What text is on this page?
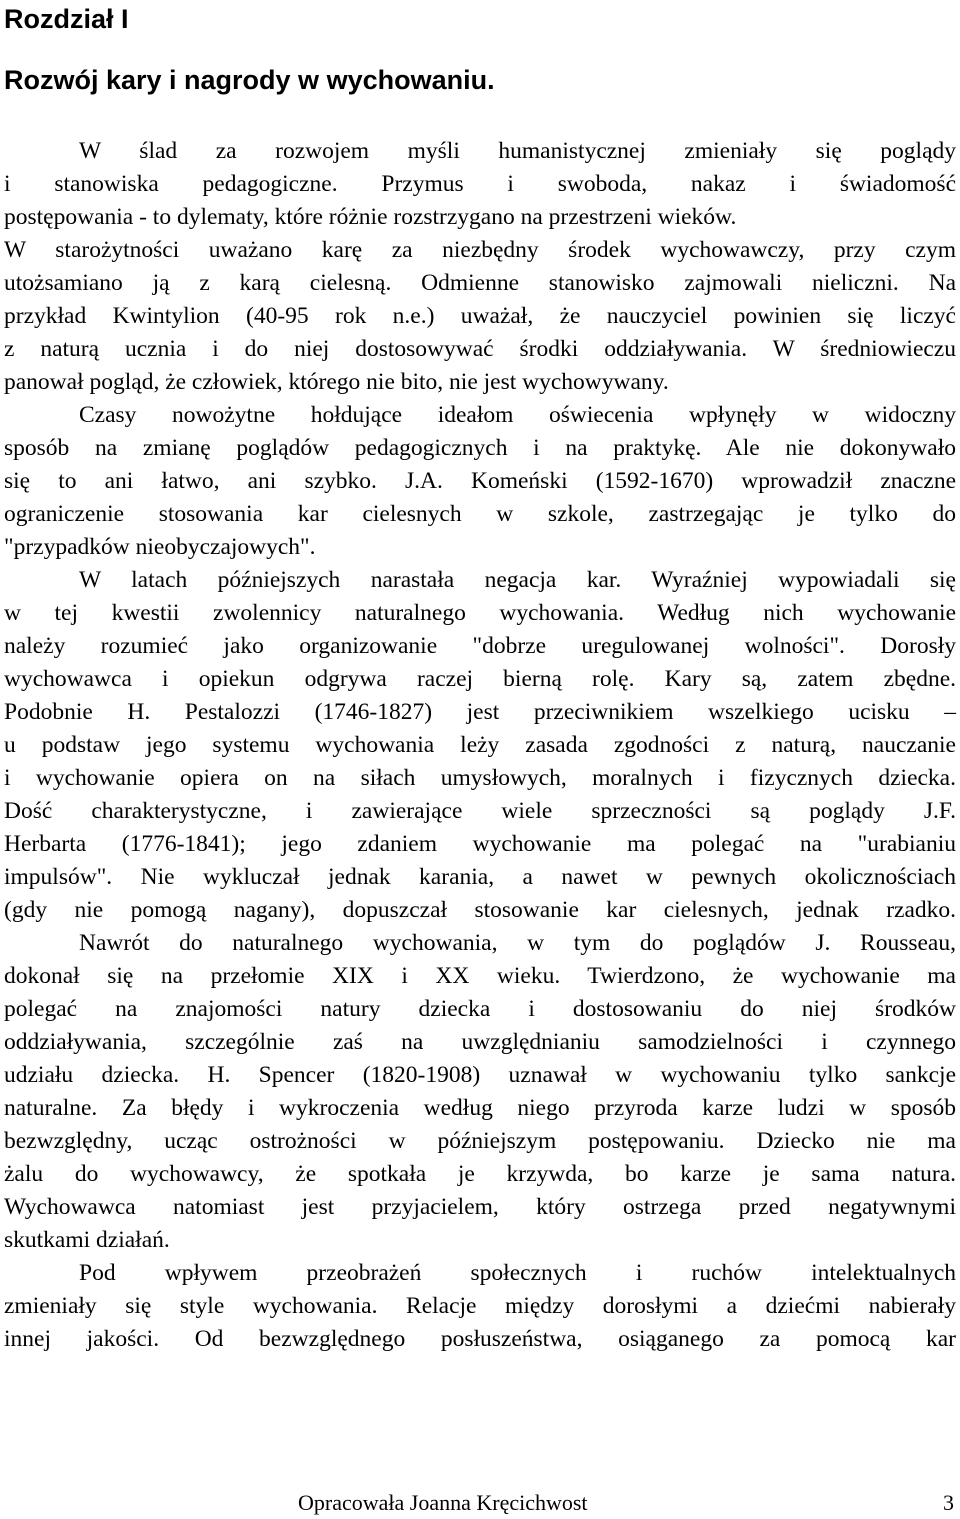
Rozdział I
Rozwój kary i nagrody w wychowaniu.
W ślad za rozwojem myśli humanistycznej zmieniały się poglądy
i stanowiska pedagogiczne. Przymus i swoboda, nakaz i świadomość
postępowania - to dylematy, które różnie rozstrzygano na przestrzeni wieków.
W starożytności uważano karę za niezbędny środek wychowawczy, przy czym
utożsamiano ją z karą cielesną. Odmienne stanowisko zajmowali nieliczni. Na
przykład Kwintylion (40-95 rok n.e.) uważał, że nauczyciel powinien się liczyć
z naturą ucznia i do niej dostosowywać środki oddziaływania. W średniowieczu
panował pogląd, że człowiek, którego nie bito, nie jest wychowywany.
Czasy nowożytne hołdujące ideałom oświecenia wpłynęły w widoczny
sposób na zmianę poglądów pedagogicznych i na praktykę. Ale nie dokonywało
się to ani łatwo, ani szybko. J.A. Komeński (1592-1670) wprowadził znaczne
ograniczenie stosowania kar cielesnych w szkole, zastrzegając je tylko do
"przypadków nieobyczajowych".
W latach późniejszych narastała negacja kar. Wyraźniej wypowiadali się
w tej kwestii zwolennicy naturalnego wychowania. Według nich wychowanie
należy rozumieć jako organizowanie "dobrze uregulowanej wolności". Dorosły
wychowawca i opiekun odgrywa raczej bierną rolę. Kary są, zatem zbędne.
Podobnie H. Pestalozzi (1746-1827) jest przeciwnikiem wszelkiego ucisku –
u podstaw jego systemu wychowania leży zasada zgodności z naturą, nauczanie
i wychowanie opiera on na siłach umysłowych, moralnych i fizycznych dziecka.
Dość charakterystyczne, i zawierające wiele sprzeczności są poglądy J.F.
Herbarta (1776-1841); jego zdaniem wychowanie ma polegać na "urabianiu
impulsów". Nie wykluczał jednak karania, a nawet w pewnych okolicznościach
(gdy nie pomogą nagany), dopuszczał stosowanie kar cielesnych, jednak rzadko.
Nawrót do naturalnego wychowania, w tym do poglądów J. Rousseau,
dokonał się na przełomie XIX i XX wieku. Twierdzono, że wychowanie ma
polegać na znajomości natury dziecka i dostosowaniu do niej środków
oddziaływania, szczególnie zaś na uwzględnianiu samodzielności i czynnego
udziału dziecka. H. Spencer (1820-1908) uznawał w wychowaniu tylko sankcje
naturalne. Za błędy i wykroczenia według niego przyroda karze ludzi w sposób
bezwzględny, ucząc ostrożności w późniejszym postępowaniu. Dziecko nie ma
żalu do wychowawcy, że spotkała je krzywda, bo karze je sama natura.
Wychowawca natomiast jest przyjacielem, który ostrzega przed negatywnymi
skutkami działań.
Pod wpływem przeobrażeń społecznych i ruchów intelektualnych
zmieniały się style wychowania. Relacje między dorosłymi a dziećmi nabierały
innej jakości. Od bezwzględnego posłuszeństwa, osiąganego za pomocą kar
Opracowała Joanna Kręcichwost	3
